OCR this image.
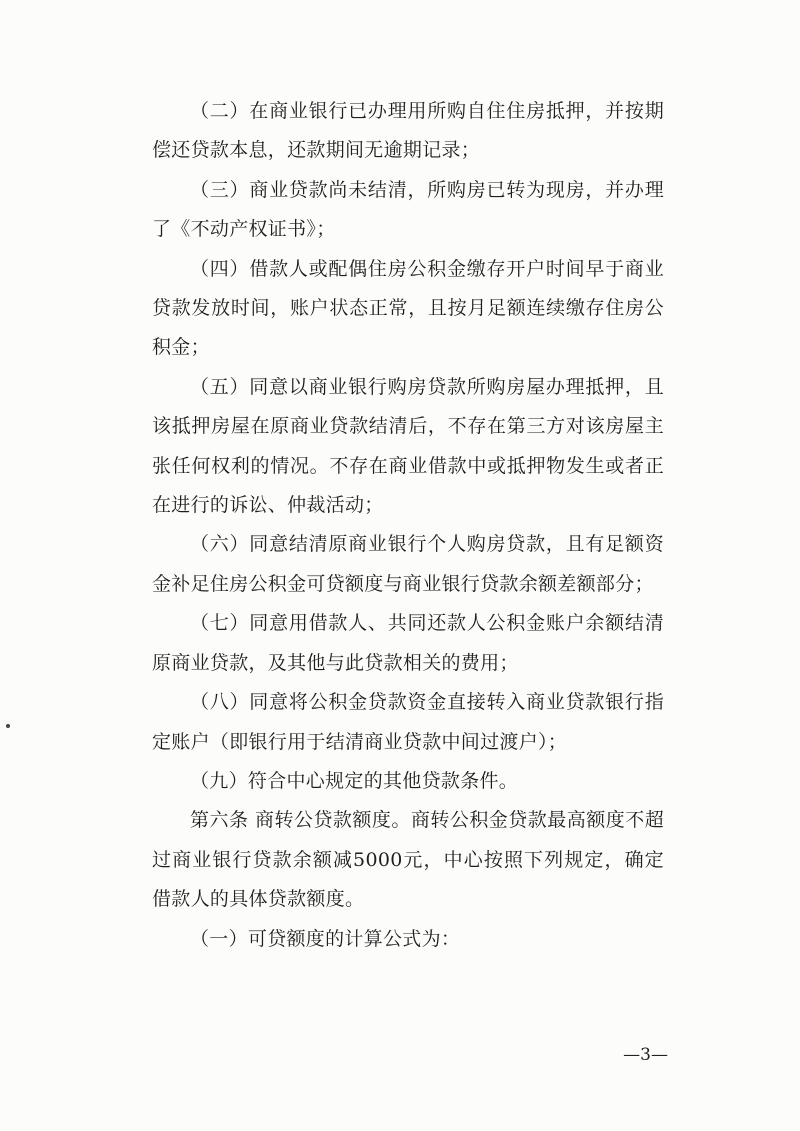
（二）在商业银行已办理用所购自住住房抵押，并按期偿还贷款本息，还款期间无逾期记录；

（三）商业贷款尚未结清，所购房已转为现房，并办理了《不动产权证书》；

（四）借款人或配偶住房公积金缴存开户时间早于商业贷款发放时间，账户状态正常，且按月足额连续缴存住房公积金；

（五）同意以商业银行购房贷款所购房屋办理抵押，且该抵押房屋在原商业贷款结清后，不存在第三方对该房屋主张任何权利的情况。不存在商业借款中或抵押物发生或者正在进行的诉讼、仲裁活动；

（六）同意结清原商业银行个人购房贷款，且有足额资金补足住房公积金可贷额度与商业银行贷款余额差额部分；

（七）同意用借款人、共同还款人公积金账户余额结清原商业贷款，及其他与此贷款相关的费用；

（八）同意将公积金贷款资金直接转入商业贷款银行指定账户（即银行用于结清商业贷款中间过渡户）；

（九）符合中心规定的其他贷款条件。

第六条 商转公贷款额度。商转公积金贷款最高额度不超过商业银行贷款余额减5000元，中心按照下列规定，确定借款人的具体贷款额度。

（一）可贷额度的计算公式为：

—3—
